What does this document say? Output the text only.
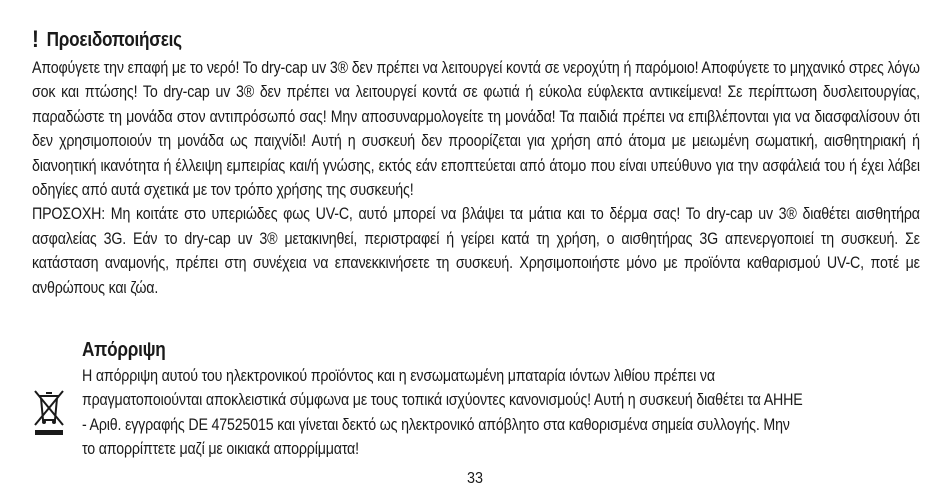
! Προειδοποιήσεις

Αποφύγετε την επαφή με το νερό! Το dry-cap uv 3® δεν πρέπει να λειτουργεί κοντά σε νεροχύτη ή παρόμοιο! Αποφύγετε το μηχανικό στρες λόγω σοκ και πτώσης! Το dry-cap uv 3® δεν πρέπει να λειτουργεί κοντά σε φωτιά ή εύκολα εύφλεκτα αντικείμενα! Σε περίπτωση δυσλειτουργίας, παραδώστε τη μονάδα στον αντιπρόσωπό σας! Μην αποσυναρμολογείτε τη μονάδα! Τα παιδιά πρέπει να επιβλέπονται για να διασφαλίσουν ότι δεν χρησιμοποιούν τη μονάδα ως παιχνίδι! Αυτή η συσκευή δεν προορίζεται για χρήση από άτομα με μειωμένη σωματική, αισθητηριακή ή διανοητική ικανότητα ή έλλειψη εμπειρίας και/ή γνώσης, εκτός εάν εποπτεύεται από άτομο που είναι υπεύθυνο για την ασφάλειά του ή έχει λάβει οδηγίες από αυτά σχετικά με τον τρόπο χρήσης της συσκευής!

ΠΡΟΣΟΧΗ: Μη κοιτάτε στο υπεριώδες φως UV-C, αυτό μπορεί να βλάψει τα μάτια και το δέρμα σας! Το dry-cap uv 3® διαθέτει αισθητήρα ασφαλείας 3G. Εάν το dry-cap uv 3® μετακινηθεί, περιστραφεί ή γείρει κατά τη χρήση, ο αισθητήρας 3G απενεργοποιεί τη συσκευή. Σε κατάσταση αναμονής, πρέπει στη συνέχεια να επανεκκινήσετε τη συσκευή. Χρησιμοποιήστε μόνο με προϊόντα καθαρισμού UV-C, ποτέ με ανθρώπους και ζώα.

Απόρριψη
Η απόρριψη αυτού του ηλεκτρονικού προϊόντος και η ενσωματωμένη μπαταρία ιόντων λιθίου πρέπει να πραγματοποιούνται αποκλειστικά σύμφωνα με τους τοπικά ισχύοντες κανονισμούς! Αυτή η συσκευή διαθέτει τα ΑΗΗΕ - Αριθ. εγγραφής DE 47525015 και γίνεται δεκτό ως ηλεκτρονικό απόβλητο στα καθορισμένα σημεία συλλογής. Μην το απορρίπτετε μαζί με οικιακά απορρίμματα!
33
